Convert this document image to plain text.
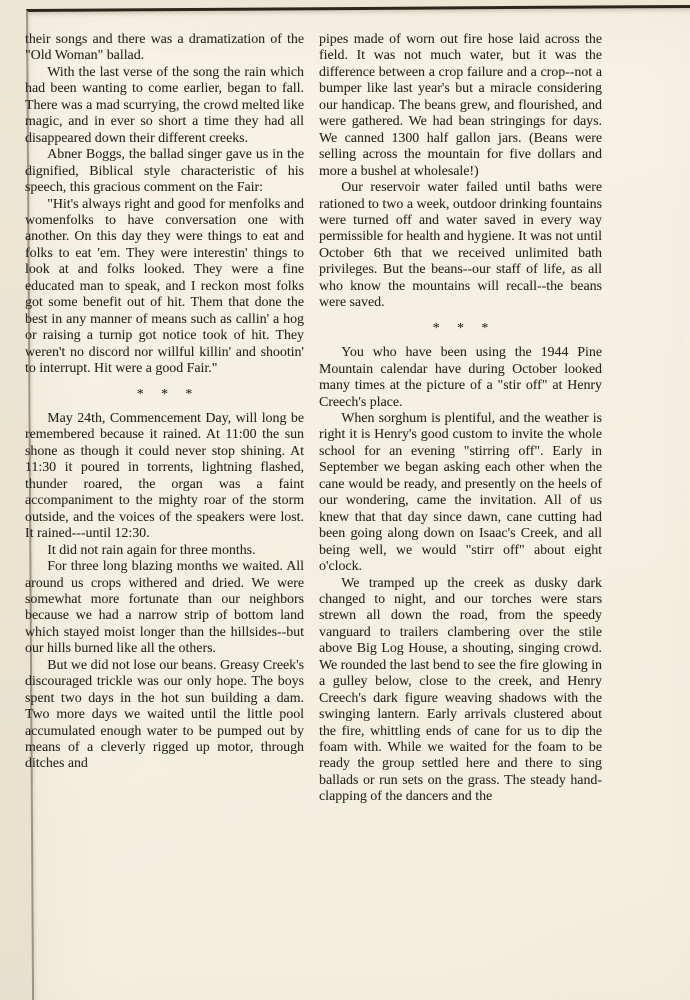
their songs and there was a dramatization of the "Old Woman" ballad.

With the last verse of the song the rain which had been wanting to come earlier, began to fall. There was a mad scurrying, the crowd melted like magic, and in ever so short a time they had all disappeared down their different creeks.

Abner Boggs, the ballad singer gave us in the dignified, Biblical style characteristic of his speech, this gracious comment on the Fair:

"Hit's always right and good for menfolks and womenfolks to have conversation one with another. On this day they were things to eat and folks to eat 'em. They were interestin' things to look at and folks looked. They were a fine educated man to speak, and I reckon most folks got some benefit out of hit. Them that done the best in any manner of means such as callin' a hog or raising a turnip got notice took of hit. They weren't no discord nor willful killin' and shootin' to interrupt. Hit were a good Fair."

* * *

May 24th, Commencement Day, will long be remembered because it rained. At 11:00 the sun shone as though it could never stop shining. At 11:30 it poured in torrents, lightning flashed, thunder roared, the organ was a faint accompaniment to the mighty roar of the storm outside, and the voices of the speakers were lost. It rained---until 12:30.

It did not rain again for three months.

For three long blazing months we waited. All around us crops withered and dried. We were somewhat more fortunate than our neighbors because we had a narrow strip of bottom land which stayed moist longer than the hillsides--but our hills burned like all the others.

But we did not lose our beans. Greasy Creek's discouraged trickle was our only hope. The boys spent two days in the hot sun building a dam. Two more days we waited until the little pool accumulated enough water to be pumped out by means of a cleverly rigged up motor, through ditches and

pipes made of worn out fire hose laid across the field. It was not much water, but it was the difference between a crop failure and a crop--not a bumper like last year's but a miracle considering our handicap. The beans grew, and flourished, and were gathered. We had bean stringings for days. We canned 1300 half gallon jars. (Beans were selling across the mountain for five dollars and more a bushel at wholesale!)

Our reservoir water failed until baths were rationed to two a week, outdoor drinking fountains were turned off and water saved in every way permissible for health and hygiene. It was not until October 6th that we received unlimited bath privileges. But the beans--our staff of life, as all who know the mountains will recall--the beans were saved.

* * *

You who have been using the 1944 Pine Mountain calendar have during October looked many times at the picture of a "stir off" at Henry Creech's place.

When sorghum is plentiful, and the weather is right it is Henry's good custom to invite the whole school for an evening "stirring off". Early in September we began asking each other when the cane would be ready, and presently on the heels of our wondering, came the invitation. All of us knew that that day since dawn, cane cutting had been going along down on Isaac's Creek, and all being well, we would "stirr off" about eight o'clock.

We tramped up the creek as dusky dark changed to night, and our torches were stars strewn all down the road, from the speedy vanguard to trailers clambering over the stile above Big Log House, a shouting, singing crowd. We rounded the last bend to see the fire glowing in a gulley below, close to the creek, and Henry Creech's dark figure weaving shadows with the swinging lantern. Early arrivals clustered about the fire, whittling ends of cane for us to dip the foam with. While we waited for the foam to be ready the group settled here and there to sing ballads or run sets on the grass. The steady hand-clapping of the dancers and the
